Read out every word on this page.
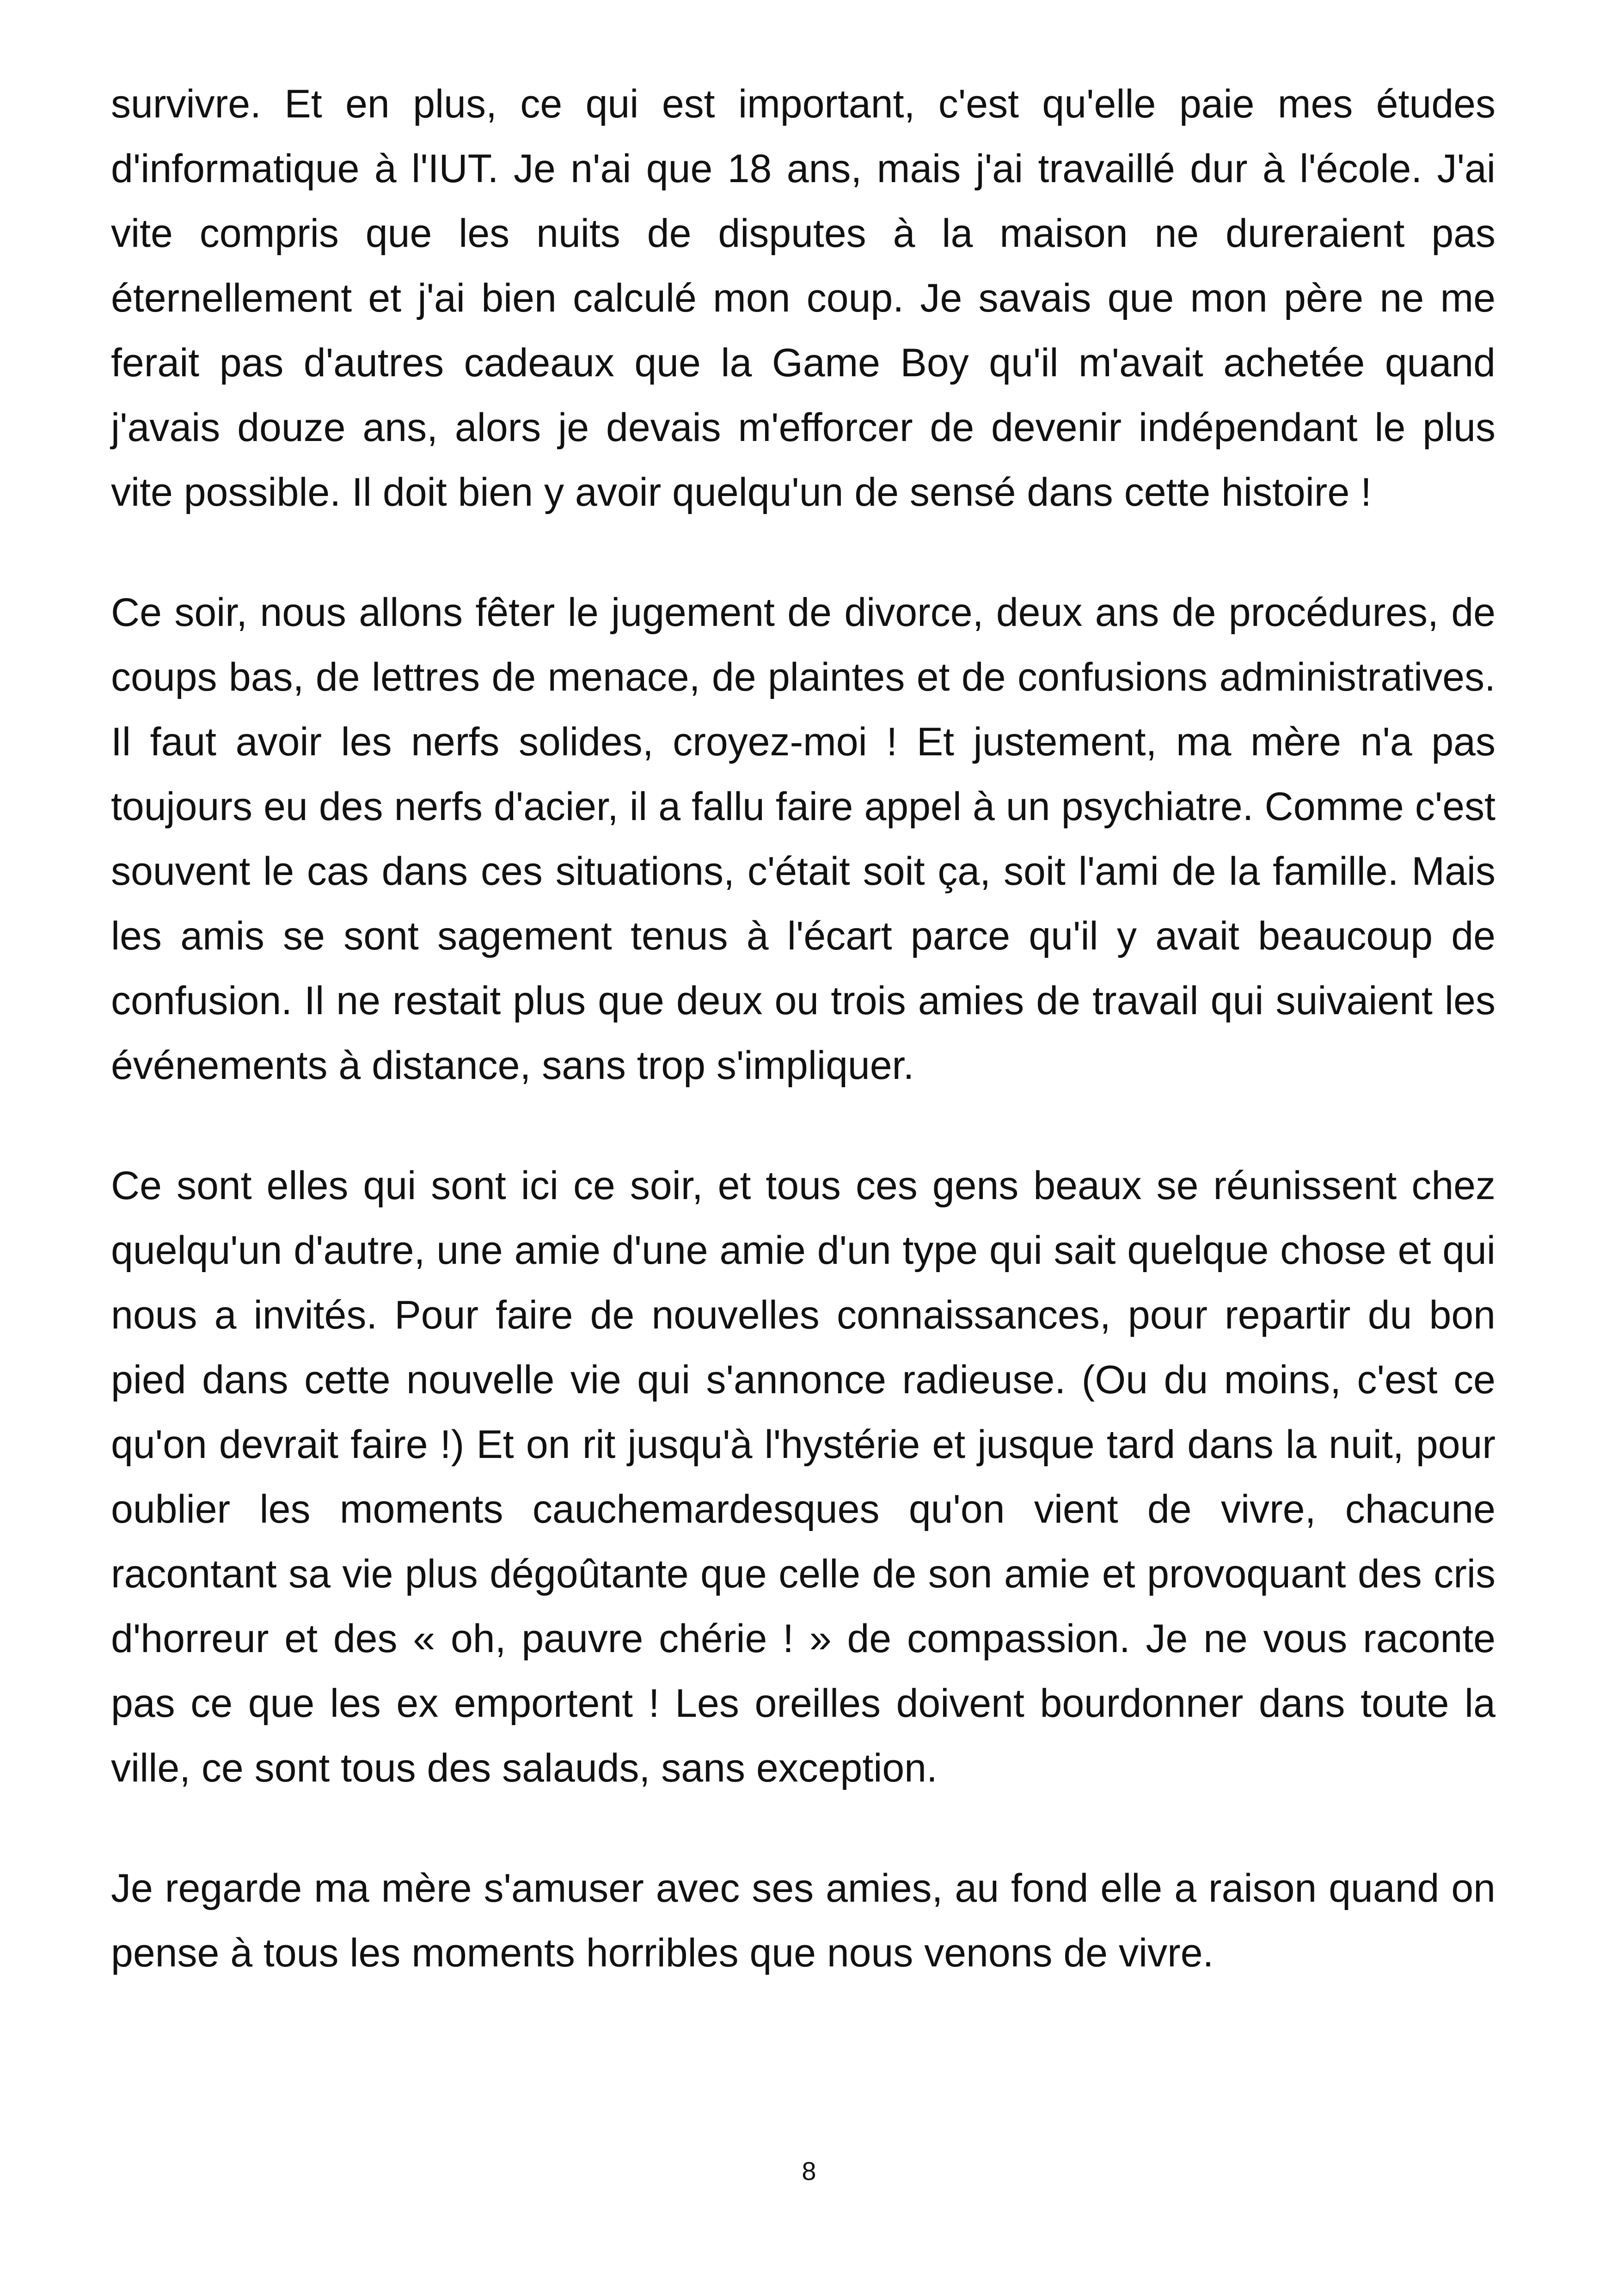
survivre. Et en plus, ce qui est important, c'est qu'elle paie mes études d'informatique à l'IUT. Je n'ai que 18 ans, mais j'ai travaillé dur à l'école. J'ai vite compris que les nuits de disputes à la maison ne dureraient pas éternellement et j'ai bien calculé mon coup. Je savais que mon père ne me ferait pas d'autres cadeaux que la Game Boy qu'il m'avait achetée quand j'avais douze ans, alors je devais m'efforcer de devenir indépendant le plus vite possible. Il doit bien y avoir quelqu'un de sensé dans cette histoire !

Ce soir, nous allons fêter le jugement de divorce, deux ans de procédures, de coups bas, de lettres de menace, de plaintes et de confusions administratives. Il faut avoir les nerfs solides, croyez-moi ! Et justement, ma mère n'a pas toujours eu des nerfs d'acier, il a fallu faire appel à un psychiatre. Comme c'est souvent le cas dans ces situations, c'était soit ça, soit l'ami de la famille. Mais les amis se sont sagement tenus à l'écart parce qu'il y avait beaucoup de confusion. Il ne restait plus que deux ou trois amies de travail qui suivaient les événements à distance, sans trop s'impliquer.

Ce sont elles qui sont ici ce soir, et tous ces gens beaux se réunissent chez quelqu'un d'autre, une amie d'une amie d'un type qui sait quelque chose et qui nous a invités. Pour faire de nouvelles connaissances, pour repartir du bon pied dans cette nouvelle vie qui s'annonce radieuse. (Ou du moins, c'est ce qu'on devrait faire !) Et on rit jusqu'à l'hystérie et jusque tard dans la nuit, pour oublier les moments cauchemardesques qu'on vient de vivre, chacune racontant sa vie plus dégoûtante que celle de son amie et provoquant des cris d'horreur et des « oh, pauvre chérie ! » de compassion. Je ne vous raconte pas ce que les ex emportent ! Les oreilles doivent bourdonner dans toute la ville, ce sont tous des salauds, sans exception.

Je regarde ma mère s'amuser avec ses amies, au fond elle a raison quand on pense à tous les moments horribles que nous venons de vivre.

8
